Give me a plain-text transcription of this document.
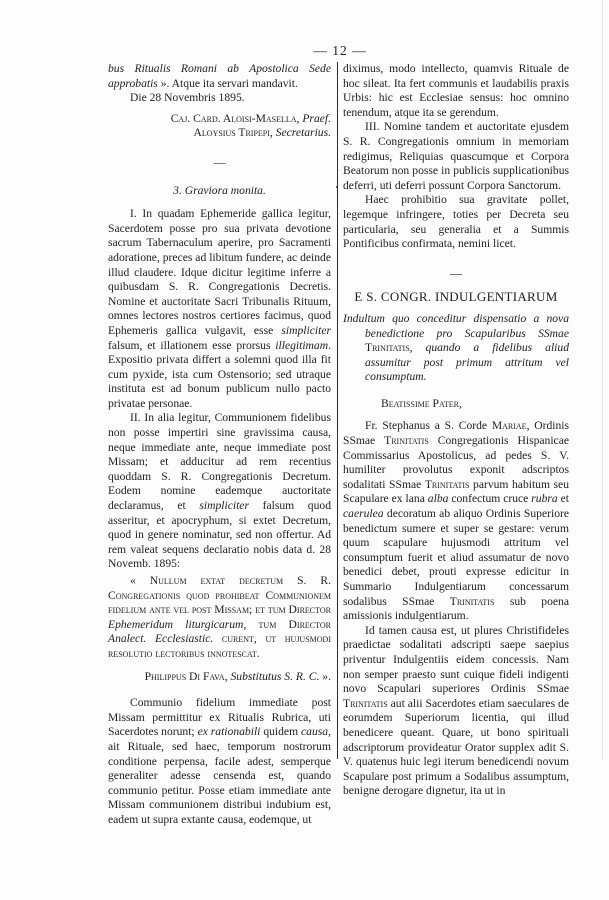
— 12 —

bus Ritualis Romani ab Apostolica Sede approbatis ». Atque ita servari mandavit.

Die 28 Novembris 1895.

Caj. Card. Aloisi-Masella, Praef.

Aloysius Tripepi, Secretarius.

—

3. Graviora monita.

I. In quadam Ephemeride gallica legitur, Sacerdotem posse pro sua privata devotione sacrum Tabernaculum aperire, pro Sacramenti adoratione, preces ad libitum fundere, ac deinde illud claudere. Idque dicitur legitime inferre a quibusdam S. R. Congregationis Decretis. Nomine et auctoritate Sacri Tribunalis Rituum, omnes lectores nostros certiores facimus, quod Ephemeris gallica vulgavit, esse simpliciter falsum, et illationem esse prorsus illegitimam. Expositio privata differt a solemni quod illa fit cum pyxide, ista cum Ostensorio; sed utraque instituta est ad bonum publicum nullo pacto privatae personae.

II. In alia legitur, Communionem fidelibus non posse impertiri sine gravissima causa, neque immediate ante, neque immediate post Missam; et adducitur ad rem recentius quoddam S. R. Congregationis Decretum. Eodem nomine eademque auctoritate declaramus, et simpliciter falsum quod asseritur, et apocryphum, si extet Decretum, quod in genere nominatur, sed non offertur. Ad rem valeat sequens declaratio nobis data d. 28 Novemb. 1895:

« Nullum extat decretum S. R. Congregationis quod prohibeat Communionem fidelium ante vel post Missam; et tum Director Ephemeridum liturgicarum, tum Director Analect. Ecclesiastic. curent, ut hujusmodi resolutio lectoribus innotescat.

Philippus Di Fava, Substitutus S. R. C. ».

Communio fidelium immediate post Missam permittitur ex Ritualis Rubrica, uti Sacerdotes norunt; ex rationabili quidem causa, ait Rituale, sed haec, temporum nostrorum conditione perpensa, facile adest, semperque generaliter adesse censenda est, quando communio petitur. Posse etiam immediate ante Missam communionem distribui indubium est, eadem ut supra extante causa, eodemque, ut

diximus, modo intellecto, quamvis Rituale de hoc sileat. Ita fert communis et laudabilis praxis Urbis: hic est Ecclesiae sensus: hoc omnino tenendum, atque ita se gerendum.

III. Nomine tandem et auctoritate ejusdem S. R. Congregationis omnium in memoriam redigimus, Reliquias quascumque et Corpora Beatorum non posse in publicis supplicationibus deferri, uti deferri possunt Corpora Sanctorum.

Haec prohibitio sua gravitate pollet, legemque infringere, toties per Decreta seu particularia, seu generalia et a Summis Pontificibus confirmata, nemini licet.

—

E S. CONGR. INDULGENTIARUM

Indultum quo conceditur dispensatio a nova benedictione pro Scapularibus SSmae Trinitatis, quando a fidelibus aliud assumitur post primum attritum vel consumptum.

Beatissime Pater,

Fr. Stephanus a S. Corde Mariae, Ordinis SSmae Trinitatis Congregationis Hispanicae Commissarius Apostolicus, ad pedes S. V. humiliter provolutus exponit adscriptos sodalitati SSmae Trinitatis parvum habitum seu Scapulare ex lana alba confectum cruce rubra et caerulea decoratum ab aliquo Ordinis Superiore benedictum sumere et super se gestare: verum quum scapulare hujusmodi attritum vel consumptum fuerit et aliud assumatur de novo benedici debet, prouti expresse edicitur in Summario Indulgentiarum concessarum sodalibus SSmae Trinitatis sub poena amissionis indulgentiarum.

Id tamen causa est, ut plures Christifideles praedictae sodalitati adscripti saepe saepius priventur Indulgentiis eidem concessis. Nam non semper praesto sunt cuique fideli indigenti novo Scapulari superiores Ordinis SSmae Trinitatis aut alii Sacerdotes etiam saeculares de eorumdem Superiorum licentia, qui illud benedicere queant. Quare, ut bono spirituali adscriptorum provideatur Orator supplex adit S. V. quatenus huic legi iterum benedicendi novum Scapulare post primum a Sodalibus assumptum, benigne derogare dignetur, ita ut in
